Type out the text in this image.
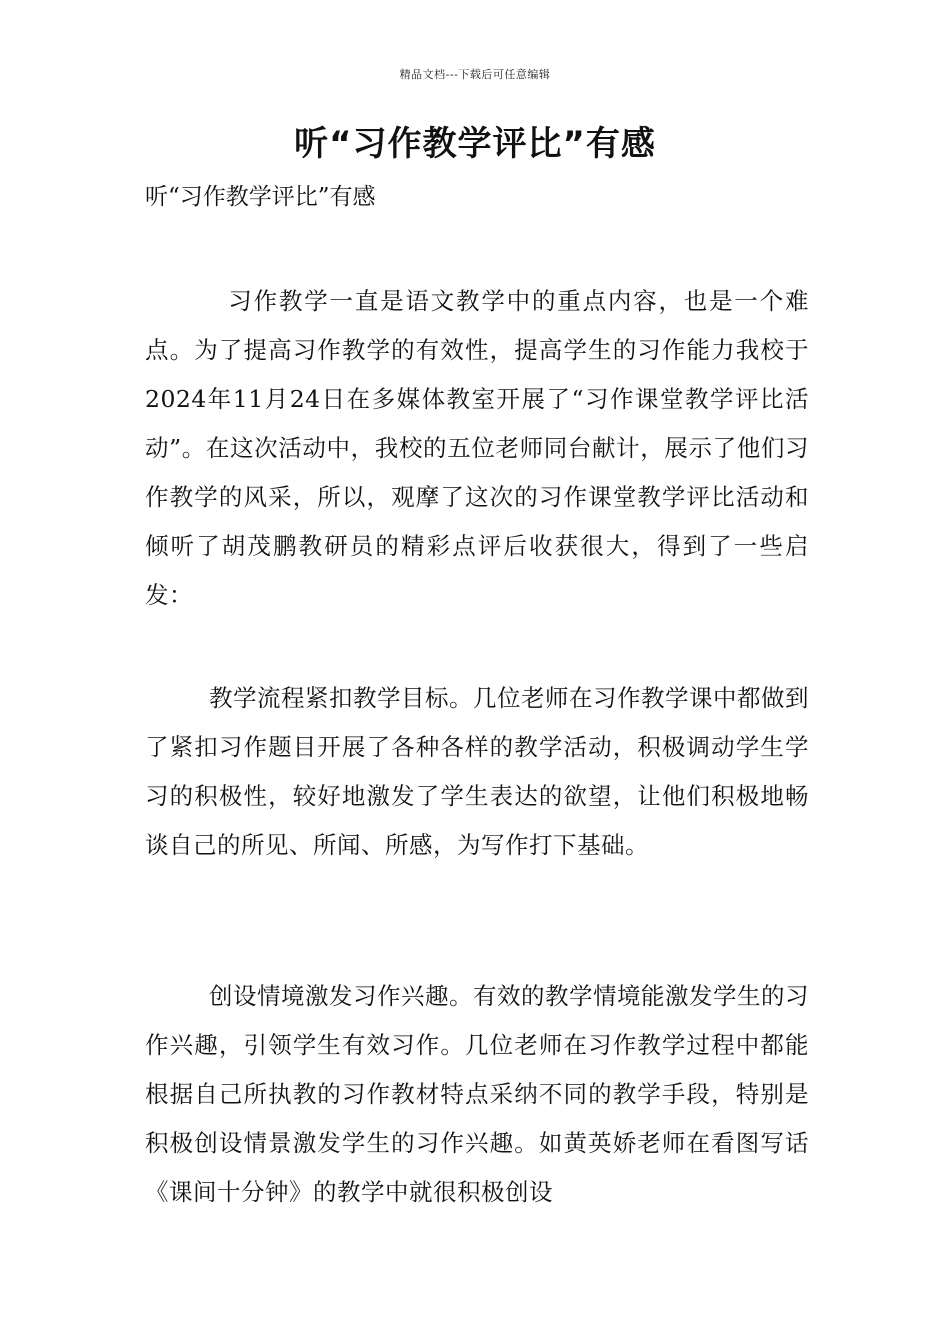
精品文档---下载后可任意编辑
听“习作教学评比”有感
听“习作教学评比”有感

习作教学一直是语文教学中的重点内容，也是一个难点。为了提高习作教学的有效性，提高学生的习作能力我校于2024年11月24日在多媒体教室开展了“习作课堂教学评比活动”。在这次活动中，我校的五位老师同台献计，展示了他们习作教学的风采，所以，观摩了这次的习作课堂教学评比活动和倾听了胡茂鹏教研员的精彩点评后收获很大，得到了一些启发：

教学流程紧扣教学目标。几位老师在习作教学课中都做到了紧扣习作题目开展了各种各样的教学活动，积极调动学生学习的积极性，较好地激发了学生表达的欲望，让他们积极地畅谈自己的所见、所闻、所感，为写作打下基础。

创设情境激发习作兴趣。有效的教学情境能激发学生的习作兴趣，引领学生有效习作。几位老师在习作教学过程中都能根据自己所执教的习作教材特点采纳不同的教学手段，特别是积极创设情景激发学生的习作兴趣。如黄英娇老师在看图写话《课间十分钟》的教学中就很积极创设
